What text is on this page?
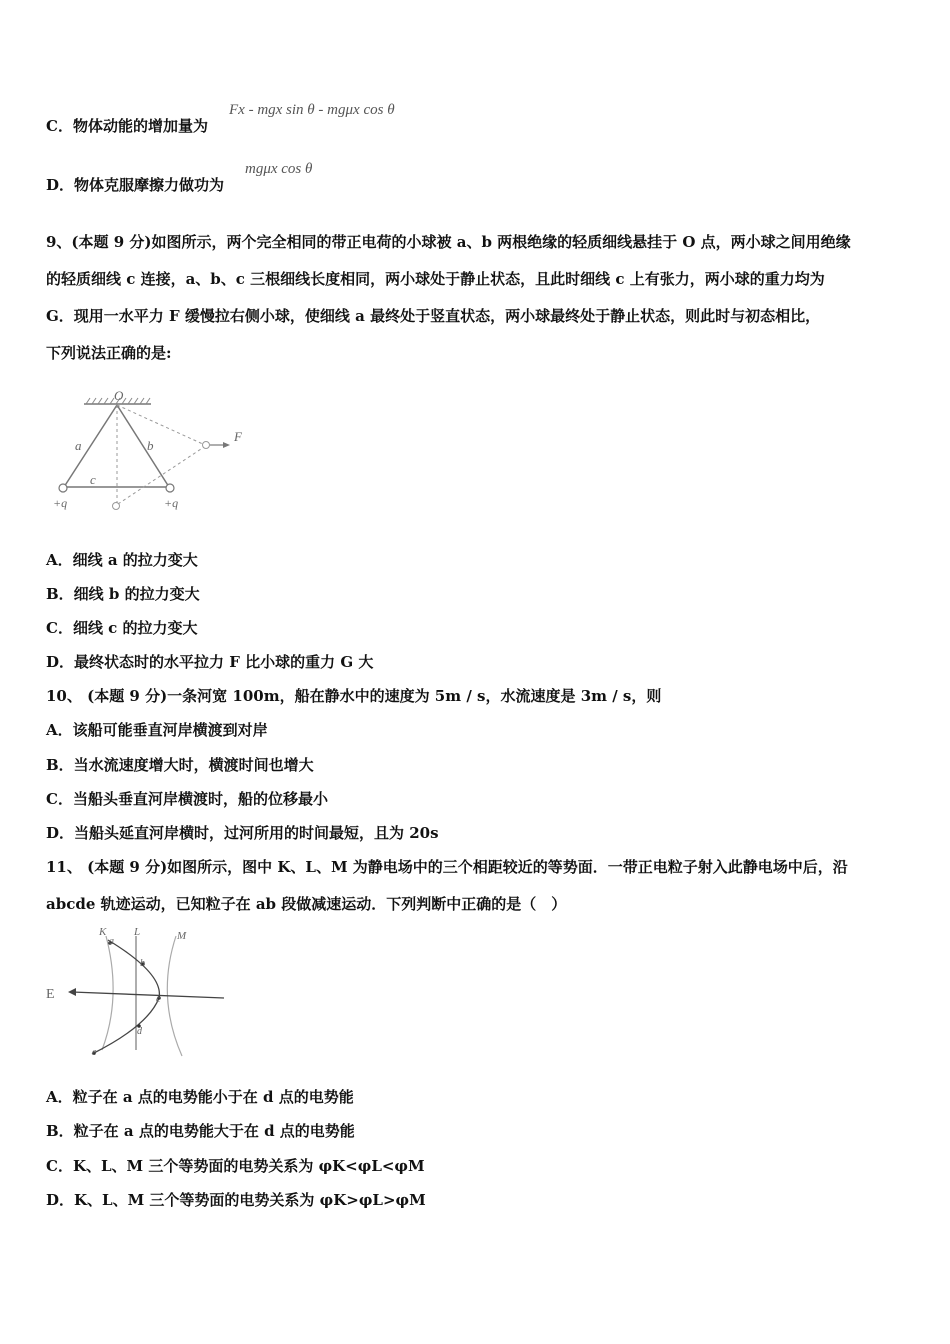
C．物体动能的增加量为
Fx - mgx sin θ - mgμx cos θ
D．物体克服摩擦力做功为
mgμx cos θ
9、(本题 9 分)如图所示，两个完全相同的带正电荷的小球被 a、b 两根绝缘的轻质细线悬挂于 O 点，两小球之间用绝缘
的轻质细线 c 连接，a、b、c 三根细线长度相同，两小球处于静止状态，且此时细线 c 上有张力，两小球的重力均为
G．现用一水平力 F 缓慢拉右侧小球，使细线 a 最终处于竖直状态，两小球最终处于静止状态，则此时与初态相比，
下列说法正确的是:
O
a	b
c
F
+q	+q
A．细线 a 的拉力变大
B．细线 b 的拉力变大
C．细线 c 的拉力变大
D．最终状态时的水平拉力 F 比小球的重力 G 大
10、 (本题 9 分)一条河宽 100m，船在静水中的速度为 5m / s，水流速度是 3m / s，则
A．该船可能垂直河岸横渡到对岸
B．当水流速度增大时，横渡时间也增大
C．当船头垂直河岸横渡时，船的位移最小
D．当船头延直河岸横时，过河所用的时间最短，且为 20s
11、 (本题 9 分)如图所示，图中 K、L、M 为静电场中的三个相距较近的等势面．一带正电粒子射入此静电场中后，沿
abcde 轨迹运动，已知粒子在 ab 段做减速运动．下列判断中正确的是（　）
K	L	M
E
a
b
c
d
e
A．粒子在 a 点的电势能小于在 d 点的电势能
B．粒子在 a 点的电势能大于在 d 点的电势能
C．K、L、M 三个等势面的电势关系为 φK<φL<φM
D．K、L、M 三个等势面的电势关系为 φK>φL>φM
